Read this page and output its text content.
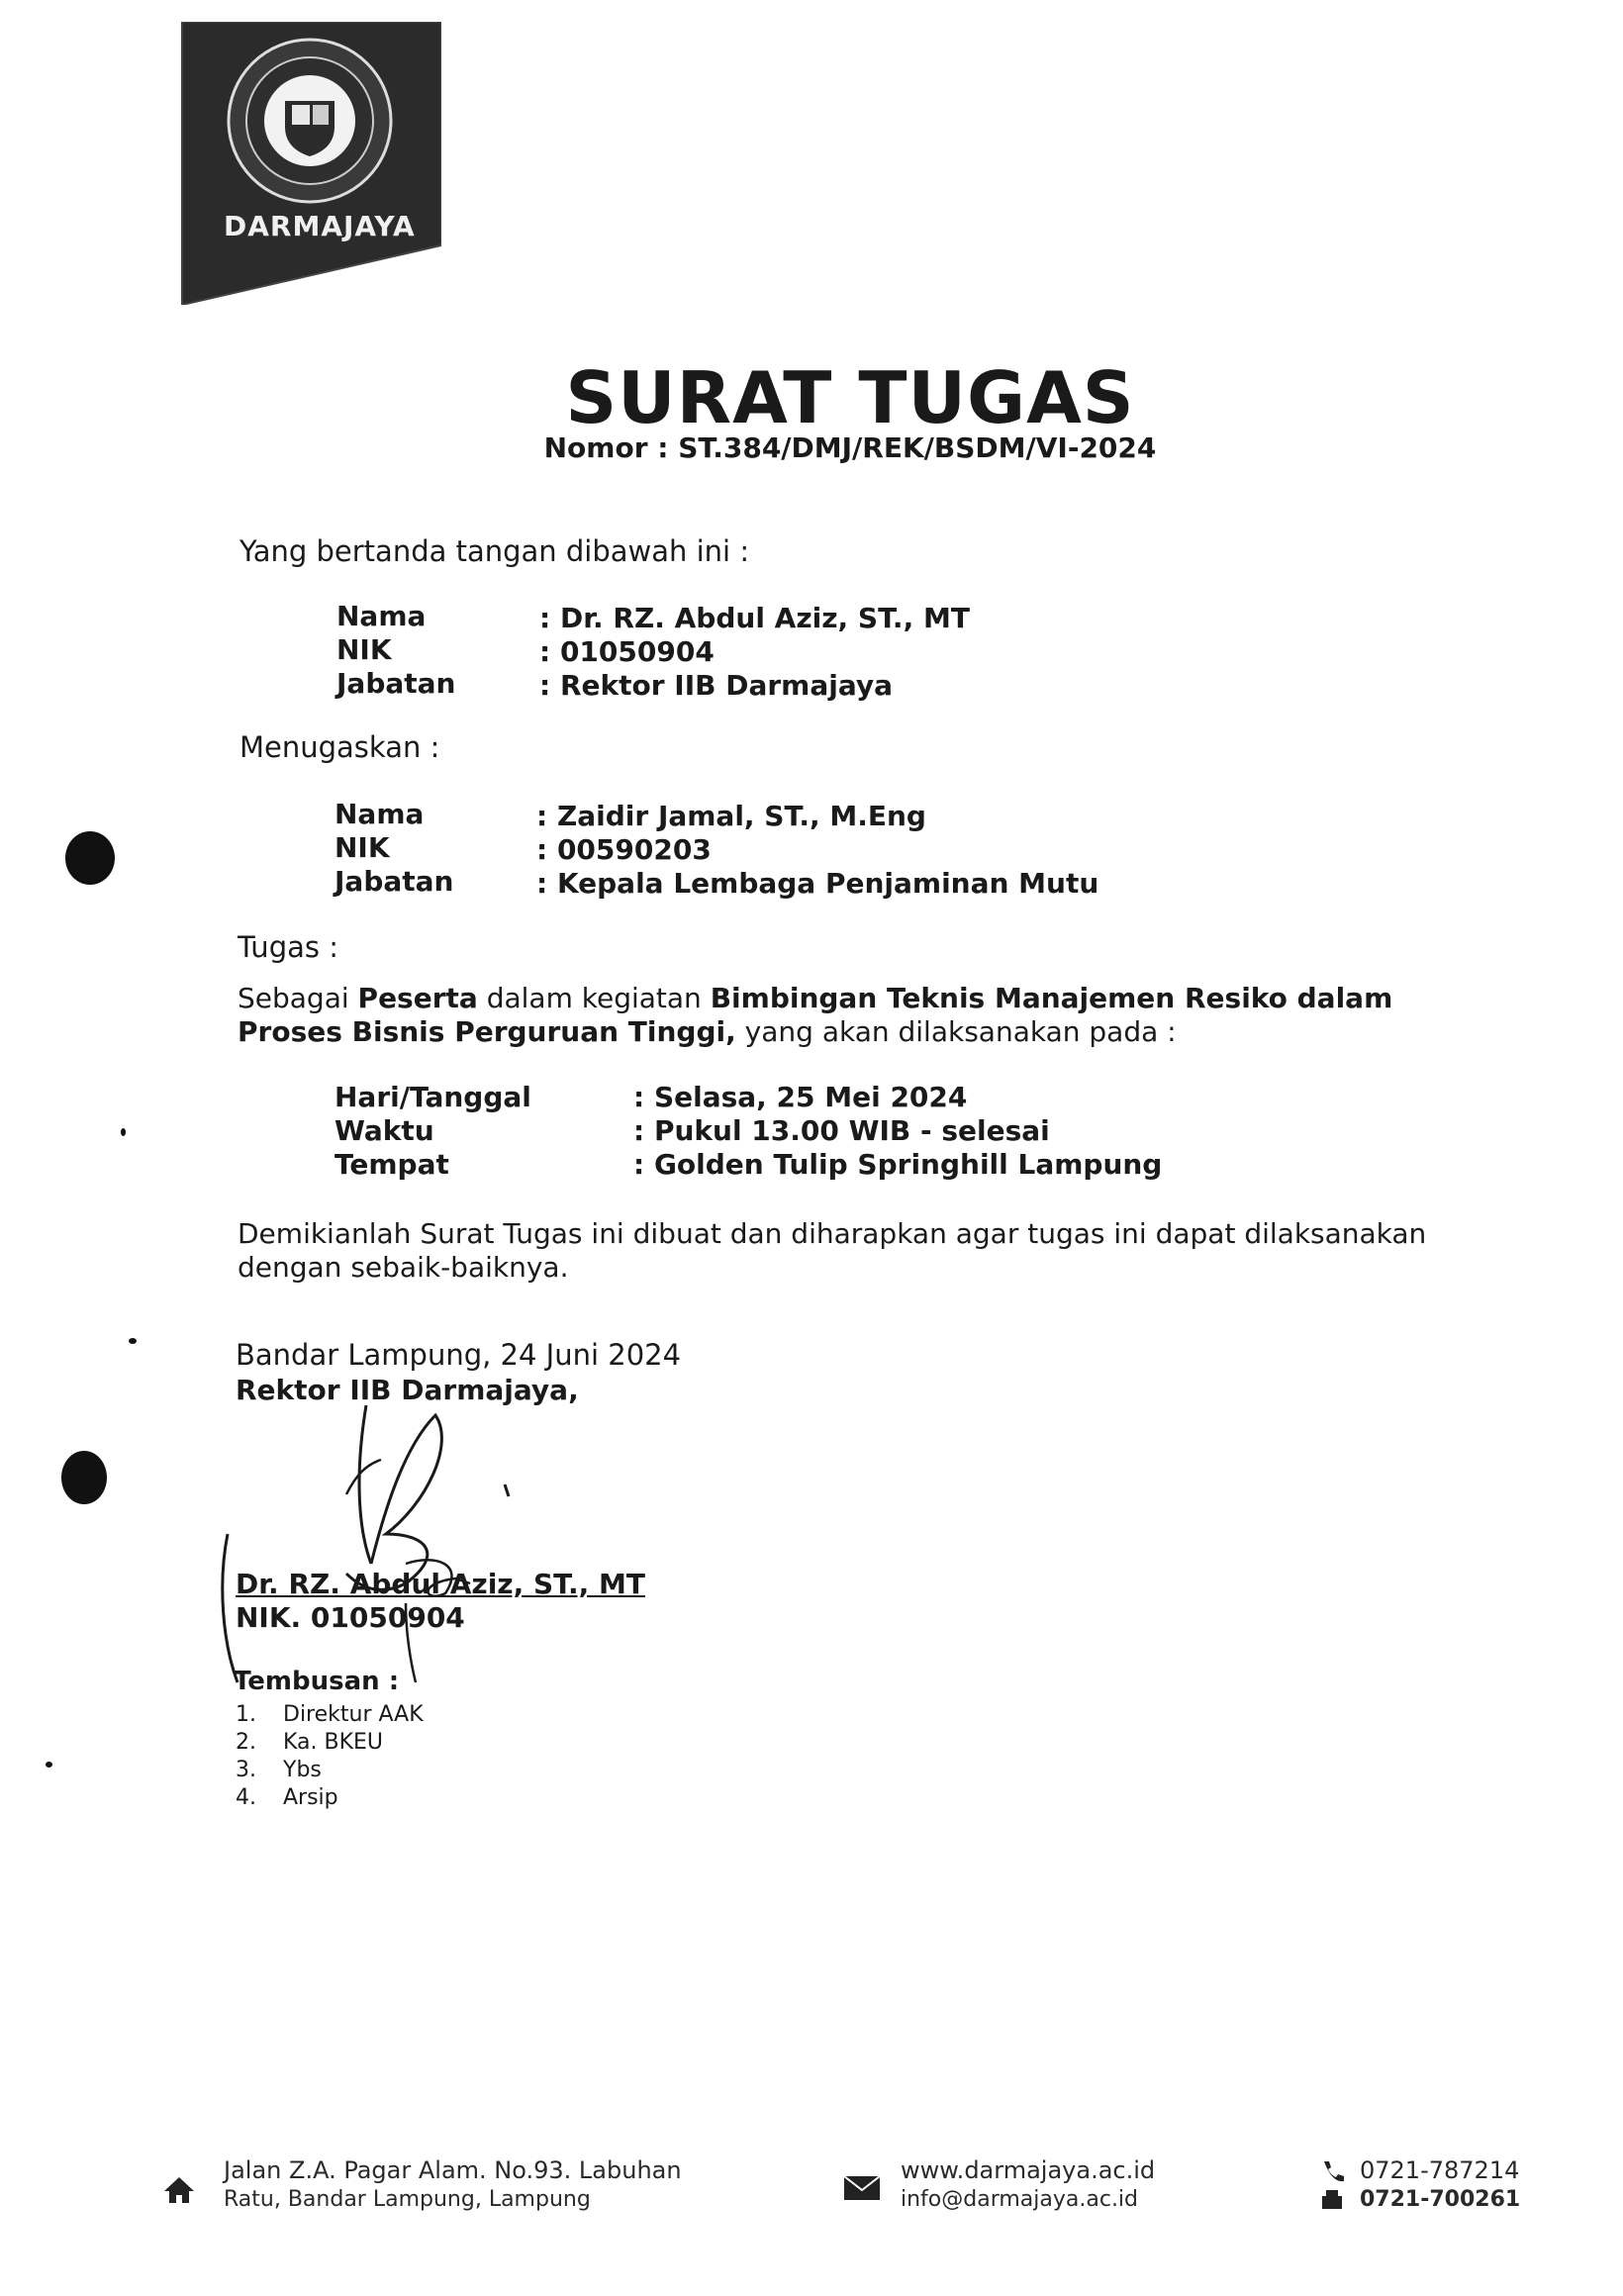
DARMAJAYA
SURAT TUGAS
Nomor : ST.384/DMJ/REK/BSDM/VI-2024
Yang bertanda tangan dibawah ini :
Nama	: Dr. RZ. Abdul Aziz, ST., MT
NIK	: 01050904
Jabatan	: Rektor IIB Darmajaya
Menugaskan :
Nama	: Zaidir Jamal, ST., M.Eng
NIK	: 00590203
Jabatan	: Kepala Lembaga Penjaminan Mutu
Tugas :
Sebagai Peserta dalam kegiatan Bimbingan Teknis Manajemen Resiko dalam Proses Bisnis Perguruan Tinggi, yang akan dilaksanakan pada :
Hari/Tanggal	: Selasa, 25 Mei 2024
Waktu	: Pukul 13.00 WIB - selesai
Tempat	: Golden Tulip Springhill Lampung
Demikianlah Surat Tugas ini dibuat dan diharapkan agar tugas ini dapat dilaksanakan dengan sebaik-baiknya.
Bandar Lampung, 24 Juni 2024
Rektor IIB Darmajaya,
Dr. RZ. Abdul Aziz, ST., MT
NIK. 01050904
Tembusan :
1. Direktur AAK
2. Ka. BKEU
3. Ybs
4. Arsip
Jalan Z.A. Pagar Alam. No.93. Labuhan
Ratu, Bandar Lampung, Lampung
www.darmajaya.ac.id
info@darmajaya.ac.id
0721-787214
0721-700261
